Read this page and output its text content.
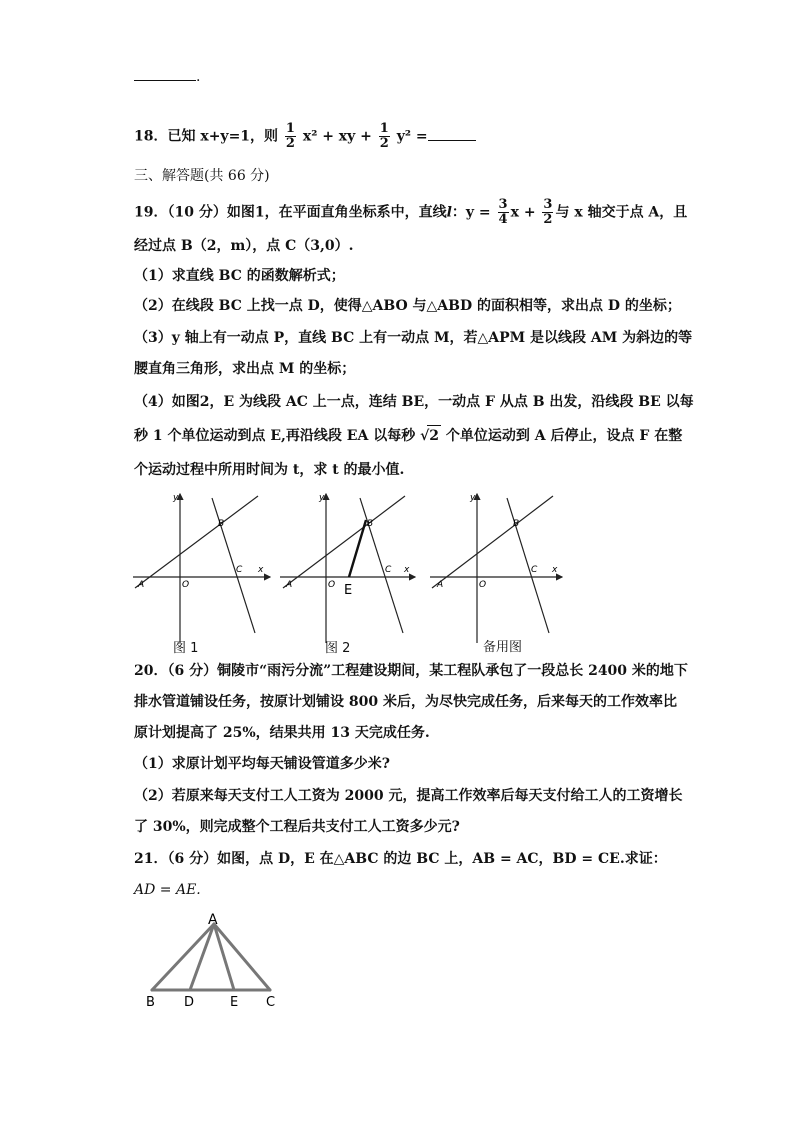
.
18．已知 x+y=1，则 $\frac{1}{2} x^2$ + xy + $\frac{1}{2} y^2$ =
三、解答题(共 66 分)
19．（10 分）如图1，在平面直角坐标系中，直线l：$y = \frac{3}{4}$ $x + \frac{3}{2}$ 与 x 轴交于点 A，且
经过点 B（2，m），点 C（3,0）.
（1）求直线 BC 的函数解析式；
（2）在线段 BC 上找一点 D，使得△ABO 与△ABD 的面积相等，求出点 D 的坐标；
（3）y 轴上有一动点 P，直线 BC 上有一动点 M，若△APM 是以线段 AM 为斜边的等
腰直角三角形，求出点 M 的坐标；
（4）如图2，E 为线段 AC 上一点，连结 BE，一动点 F 从点 B 出发，沿线段 BE 以每
秒 1 个单位运动到点 E,再沿线段 EA 以每秒 √2 个单位运动到 A 后停止，设点 F 在整
个运动过程中所用时间为 t，求 t 的最小值.
y
x
A	O
B
C
y
x
A	O
B
C
E
y
x
A	O
B
C
图 1	图 2	备用图
20．（6 分）铜陵市“雨污分流”工程建设期间，某工程队承包了一段总长 2400 米的地下
排水管道铺设任务，按原计划铺设 800 米后，为尽快完成任务，后来每天的工作效率比
原计划提高了 25%，结果共用 13 天完成任务.
（1）求原计划平均每天铺设管道多少米?
（2）若原来每天支付工人工资为 2000 元，提高工作效率后每天支付给工人的工资增长
了 30%，则完成整个工程后共支付工人工资多少元?
21．（6 分）如图，点 D，E 在△ABC 的边 BC 上，AB = AC，BD = CE.求证：
AD = AE.
A
B D	E C
